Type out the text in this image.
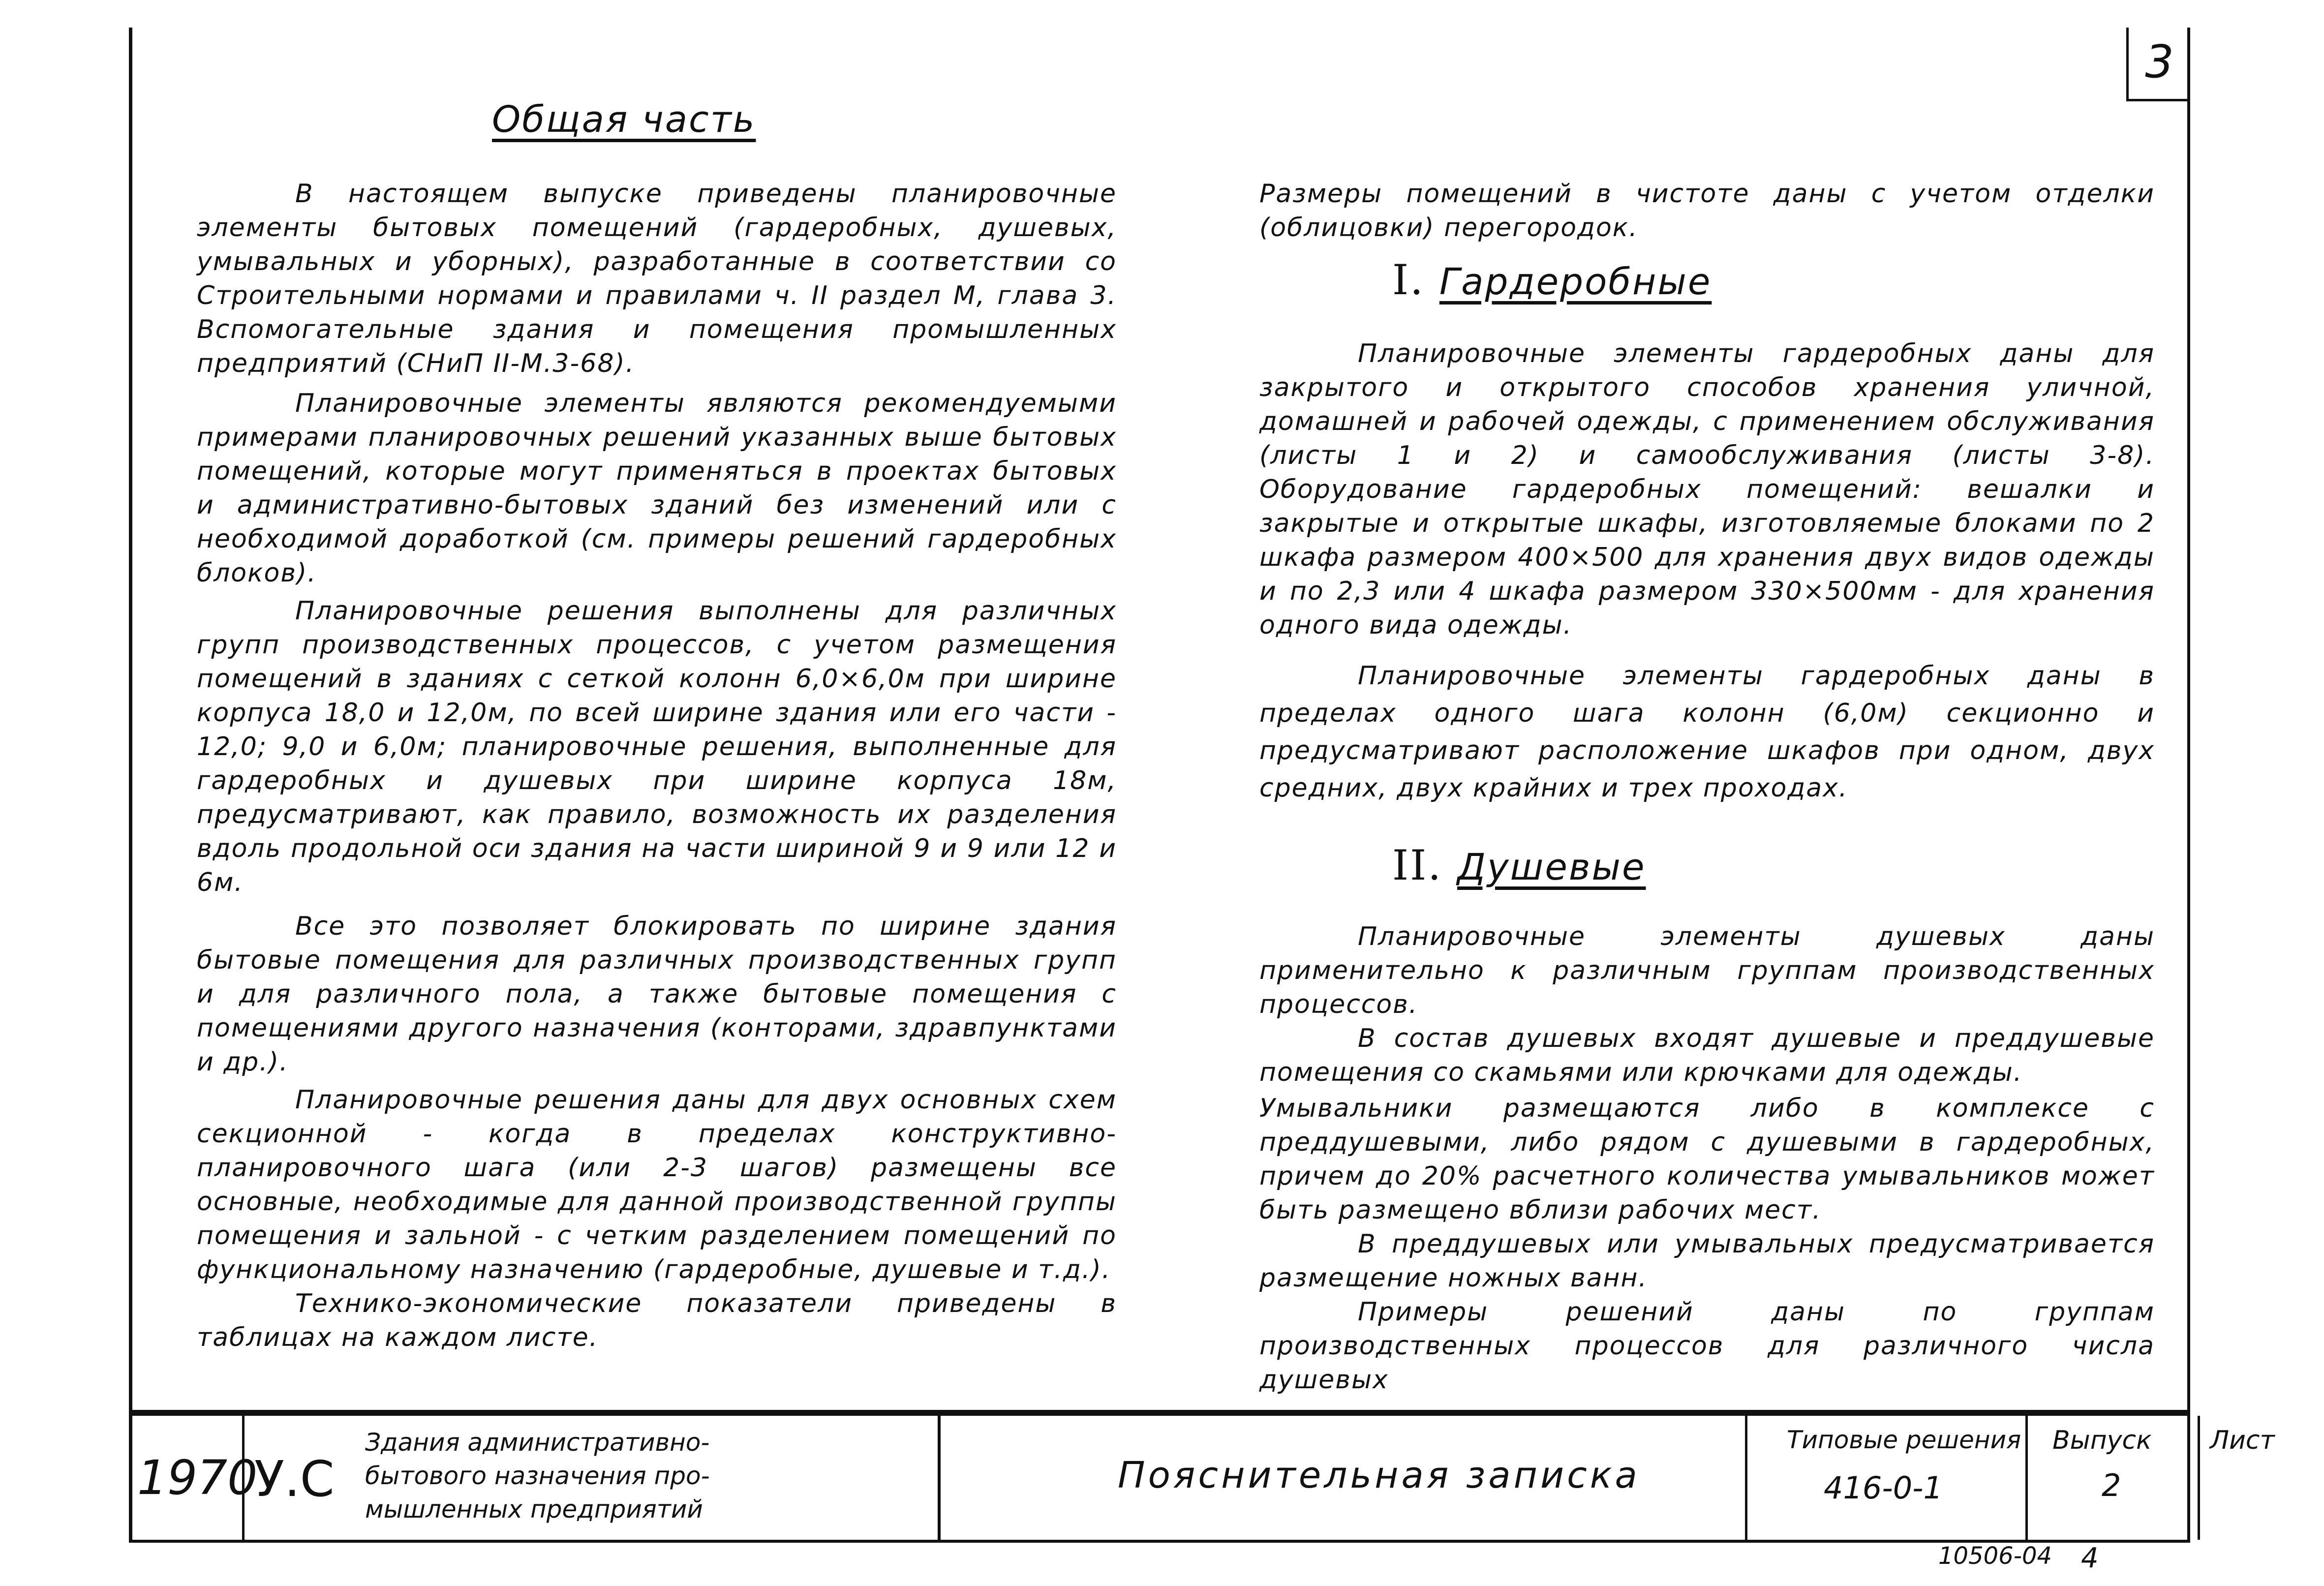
3
Общая часть

В настоящем выпуске приведены планировочные элементы бытовых помещений (гардеробных, душевых, умывальных и уборных), разработанные в соответствии со Строительными нормами и правилами ч. II раздел М, глава 3. Вспомогательные здания и помещения промышленных предприятий (СНиП II-М.3-68).

Планировочные элементы являются рекомендуемыми примерами планировочных решений указанных выше бытовых помещений, которые могут применяться в проектах бытовых и административно-бытовых зданий без изменений или с необходимой доработкой (см. примеры решений гардеробных блоков).

Планировочные решения выполнены для различных групп производственных процессов, с учетом размещения помещений в зданиях с сеткой колонн 6,0×6,0м при ширине корпуса 18,0 и 12,0м, по всей ширине здания или его части - 12,0; 9,0 и 6,0м; планировочные решения, выполненные для гардеробных и душевых при ширине корпуса 18м, предусматривают, как правило, возможность их разделения вдоль продольной оси здания на части шириной 9 и 9 или 12 и 6м.

Все это позволяет блокировать по ширине здания бытовые помещения для различных производственных групп и для различного пола, а также бытовые помещения с помещениями другого назначения (конторами, здравпунктами и др.).

Планировочные решения даны для двух основных схем секционной - когда в пределах конструктивно-планировочного шага (или 2-3 шагов) размещены все основные, необходимые для данной производственной группы помещения и зальной - с четким разделением помещений по функциональному назначению (гардеробные, душевые и т.д.).

Технико-экономические показатели приведены в таблицах на каждом листе.

Размеры помещений в чистоте даны с учетом отделки (облицовки) перегородок.

I. Гардеробные

Планировочные элементы гардеробных даны для закрытого и открытого способов хранения уличной, домашней и рабочей одежды, с применением обслуживания (листы 1 и 2) и самообслуживания (листы 3-8). Оборудование гардеробных помещений: вешалки и закрытые и открытые шкафы, изготовляемые блоками по 2 шкафа размером 400×500 для хранения двух видов одежды и по 2,3 или 4 шкафа размером 330×500мм - для хранения одного вида одежды.

Планировочные элементы гардеробных даны в пределах одного шага колонн (6,0м) секционно и предусматривают расположение шкафов при одном, двух средних, двух крайних и трех проходах.

II. Душевые

Планировочные элементы душевых даны применительно к различным группам производственных процессов.

В состав душевых входят душевые и преддушевые помещения со скамьями или крючками для одежды.

Умывальники размещаются либо в комплексе с преддушевыми, либо рядом с душевыми в гардеробных, причем до 20% расчетного количества умывальников может быть размещено вблизи рабочих мест.

В преддушевых или умывальных предусматривается размещение ножных ванн.

Примеры решений даны по группам производственных процессов для различного числа душевых

1970
У.С
Здания административно-
бытового назначения про-
мышленных предприятий
Пояснительная записка
Типовые решения
416-0-1
Выпуск
2
Лист
10506-04 4
